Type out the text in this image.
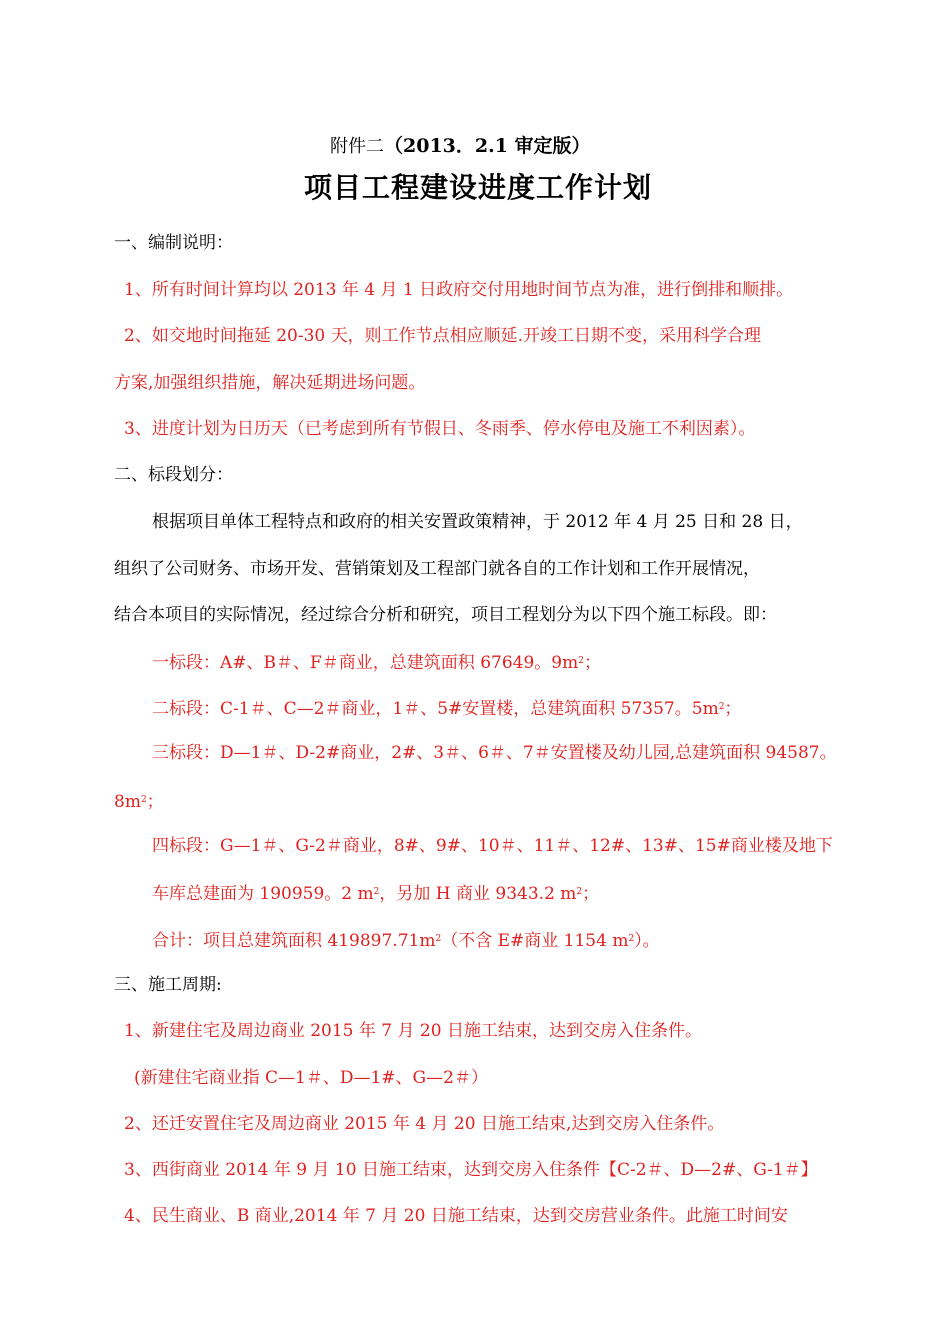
附件二（2013．2.1 审定版）
项目工程建设进度工作计划
一、编制说明：
1、所有时间计算均以 2013 年 4 月 1 日政府交付用地时间节点为准，进行倒排和顺排。
2、如交地时间拖延 20-30 天，则工作节点相应顺延.开竣工日期不变，采用科学合理
方案,加强组织措施，解决延期进场问题。
3、进度计划为日历天（已考虑到所有节假日、冬雨季、停水停电及施工不利因素）。
二、标段划分：
根据项目单体工程特点和政府的相关安置政策精神，于 2012 年 4 月 25 日和 28 日，
组织了公司财务、市场开发、营销策划及工程部门就各自的工作计划和工作开展情况，
结合本项目的实际情况，经过综合分析和研究，项目工程划分为以下四个施工标段。即：
一标段：A#、B＃、F＃商业，总建筑面积 67649。$9m^2$；
二标段：C-1＃、C—2＃商业，1＃、5#安置楼，总建筑面积 57357。$5m^2$；
三标段：D—1＃、D-2#商业，2#、3＃、6＃、7＃安置楼及幼儿园,总建筑面积 94587。
$8m^2$；
四标段：G—1＃、G-2＃商业，8#、9#、10＃、11＃、12#、13#、15#商业楼及地下
车库总建面为 190959。2 $m^2$，另加 H 商业 9343.2 $m^2$；
合计：项目总建筑面积 $419897.71m^2$（不含 E#商业 1154 $m^2$）。
三、施工周期:
1、新建住宅及周边商业 2015 年 7 月 20 日施工结束，达到交房入住条件。
(新建住宅商业指 C—1＃、D—1#、G—2＃）
2、还迁安置住宅及周边商业 2015 年 4 月 20 日施工结束,达到交房入住条件。
3、西街商业 2014 年 9 月 10 日施工结束，达到交房入住条件【C-2＃、D—2#、G-1＃】
4、民生商业、B 商业,2014 年 7 月 20 日施工结束，达到交房营业条件。此施工时间安
